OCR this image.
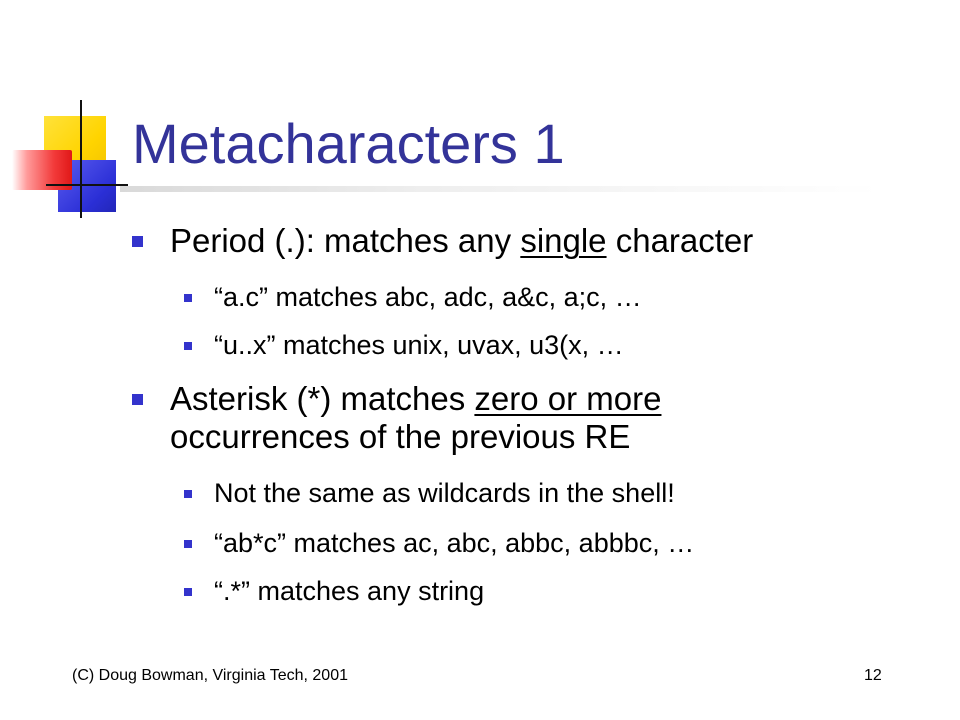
Metacharacters 1
Period (.): matches any single character
“a.c” matches abc, adc, a&c, a;c, …
“u..x” matches unix, uvax, u3(x, …
Asterisk (*) matches zero or more occurrences of the previous RE
Not the same as wildcards in the shell!
“ab*c” matches ac, abc, abbc, abbbc, …
“.*” matches any string
(C) Doug Bowman, Virginia Tech, 2001	12
